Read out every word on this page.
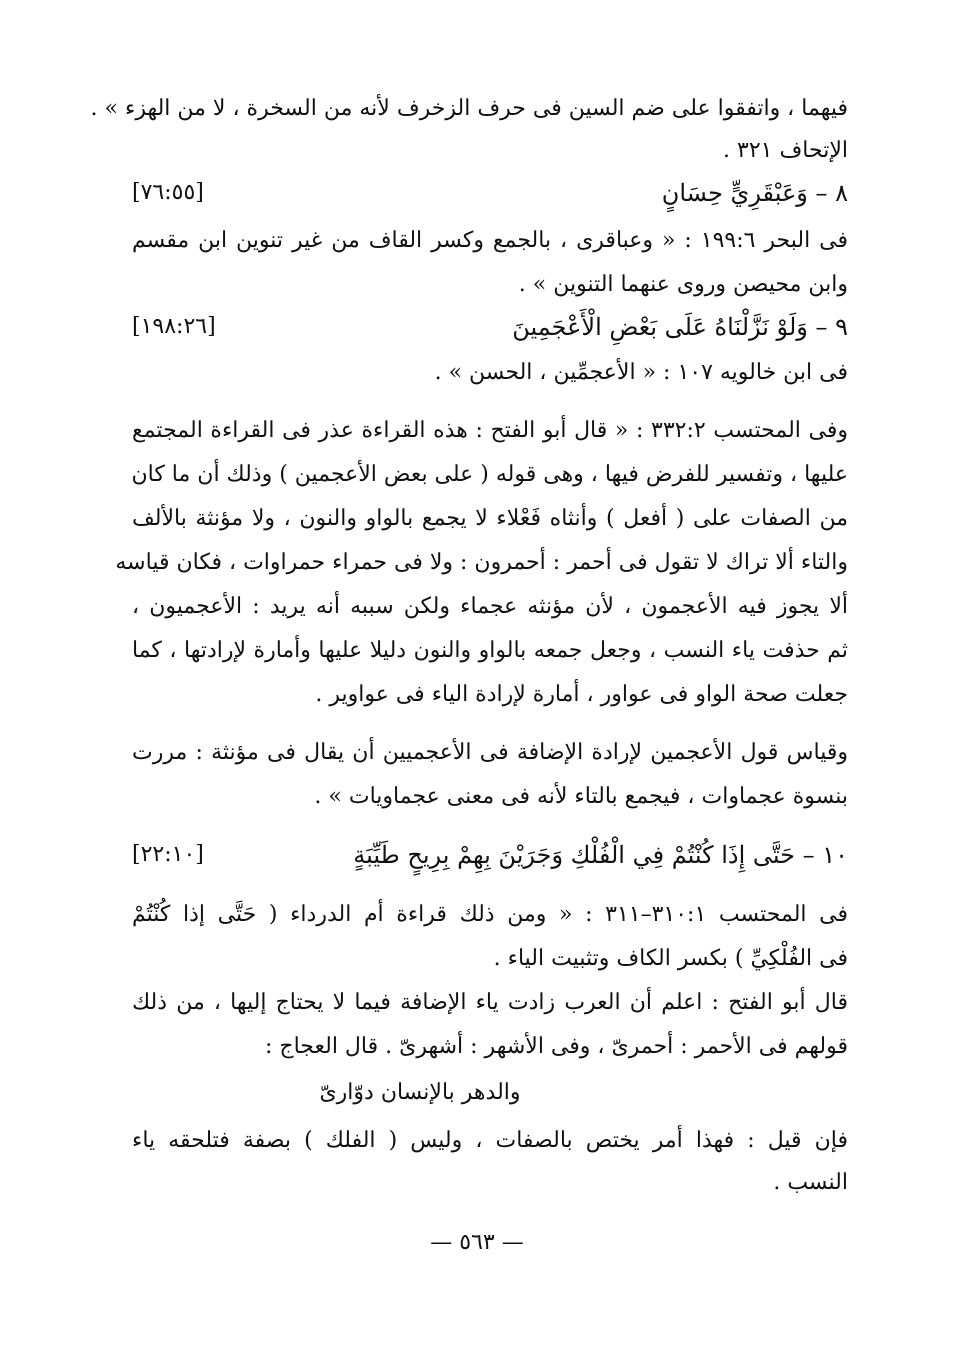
فيهما ، واتفقوا على ضم السين فى حرف الزخرف لأنه من السخرة ، لا من الهزء » .
الإتحاف ٣٢١ .
٨ – وَعَبْقَرِيٍّ حِسَانٍ
[٧٦:٥٥]
فى البحر ١٩٩:٦ : « وعباقرى ، بالجمع وكسر القاف من غير تنوين ابن مقسم
وابن محيصن وروى عنهما التنوين » .
٩ – وَلَوْ نَزَّلْنَاهُ عَلَى بَعْضِ الْأَعْجَمِينَ
[١٩٨:٢٦]
فى ابن خالويه ١٠٧ : « الأعجمِّين ، الحسن » .
وفى المحتسب ٣٣٢:٢ : « قال أبو الفتح : هذه القراءة عذر فى القراءة المجتمع
عليها ، وتفسير للفرض فيها ، وهى قوله ( على بعض الأعجمين ) وذلك أن ما كان
من الصفات على ( أفعل ) وأنثاه فَعْلاء لا يجمع بالواو والنون ، ولا مؤنثة بالألف
والتاء ألا تراك لا تقول فى أحمر : أحمرون : ولا فى حمراء حمراوات ، فكان قياسه
ألا يجوز فيه الأعجمون ، لأن مؤنثه عجماء ولكن سببه أنه يريد : الأعجميون ،
ثم حذفت ياء النسب ، وجعل جمعه بالواو والنون دليلا عليها وأمارة لإرادتها ، كما
جعلت صحة الواو فى عواور ، أمارة لإرادة الياء فى عواوير .
وقياس قول الأعجمين لإرادة الإضافة فى الأعجميين أن يقال فى مؤنثة : مررت
بنسوة عجماوات ، فيجمع بالتاء لأنه فى معنى عجماويات » .
١٠ – حَتَّى إِذَا كُنْتُمْ فِي الْفُلْكِ وَجَرَيْنَ بِهِمْ بِرِيحٍ طَيِّبَةٍ
[٢٢:١٠]
فى المحتسب ٣١٠:١–٣١١ : « ومن ذلك قراءة أم الدرداء ( حَتَّى إذا كُنْتُمْ
فى الفُلْكِيِّ ) بكسر الكاف وتثبيت الياء .
قال أبو الفتح : اعلم أن العرب زادت ياء الإضافة فيما لا يحتاج إليها ، من ذلك
قولهم فى الأحمر : أحمرىّ ، وفى الأشهر : أشهرىّ . قال العجاج :
والدهر بالإنسان دوّارىّ
فإن قيل : فهذا أمر يختص بالصفات ، وليس ( الفلك ) بصفة فتلحقه ياء
النسب .
— ٥٦٣ —
